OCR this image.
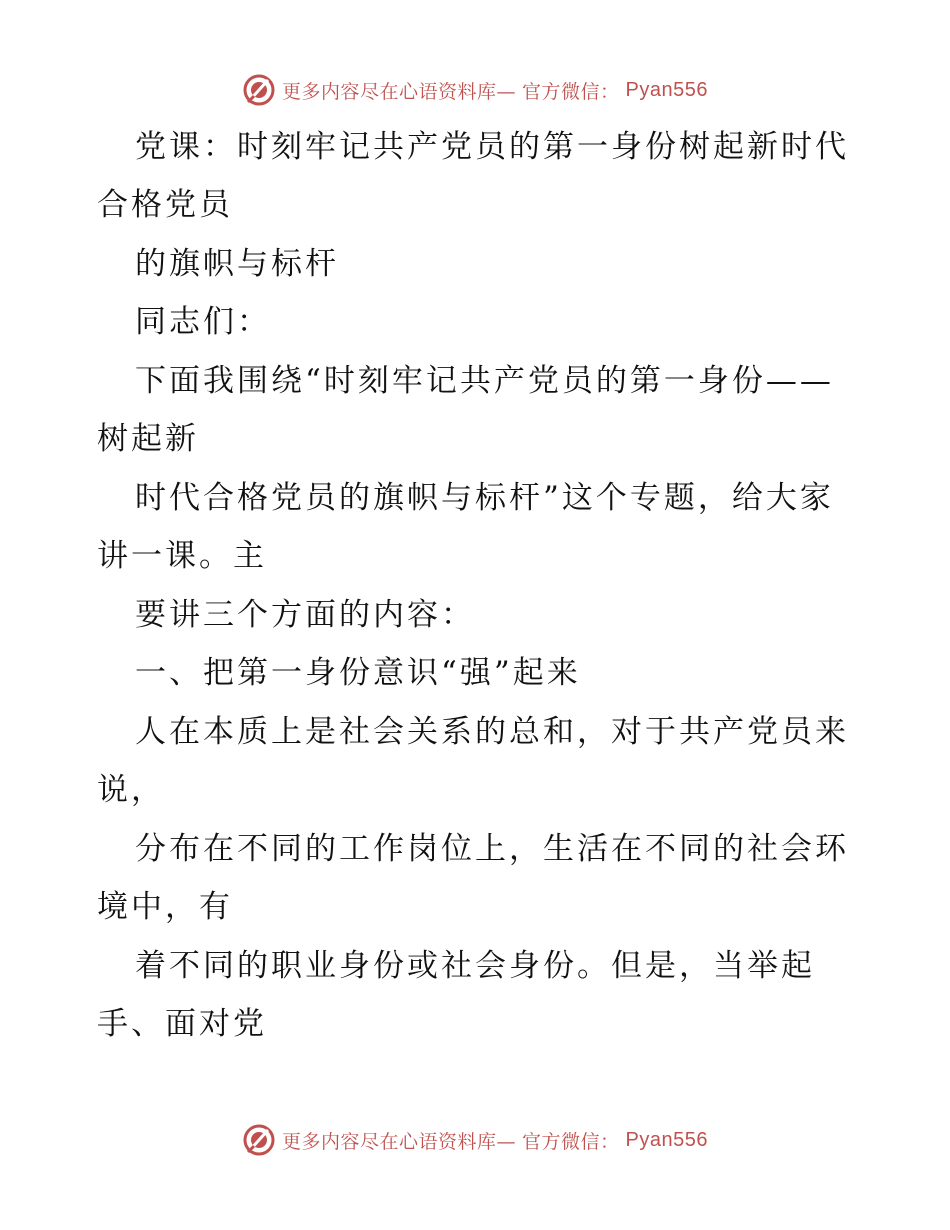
更多内容尽在心语资料库— 官方微信： Pyan556
党课：时刻牢记共产党员的第一身份树起新时代
合格党员
的旗帜与标杆
同志们：
下面我围绕“时刻牢记共产党员的第一身份——
树起新
时代合格党员的旗帜与标杆”这个专题，给大家
讲一课。主
要讲三个方面的内容：
一、把第一身份意识“强”起来
人在本质上是社会关系的总和，对于共产党员来
说，
分布在不同的工作岗位上，生活在不同的社会环
境中，有
着不同的职业身份或社会身份。但是，当举起
手、面对党
更多内容尽在心语资料库— 官方微信： Pyan556
